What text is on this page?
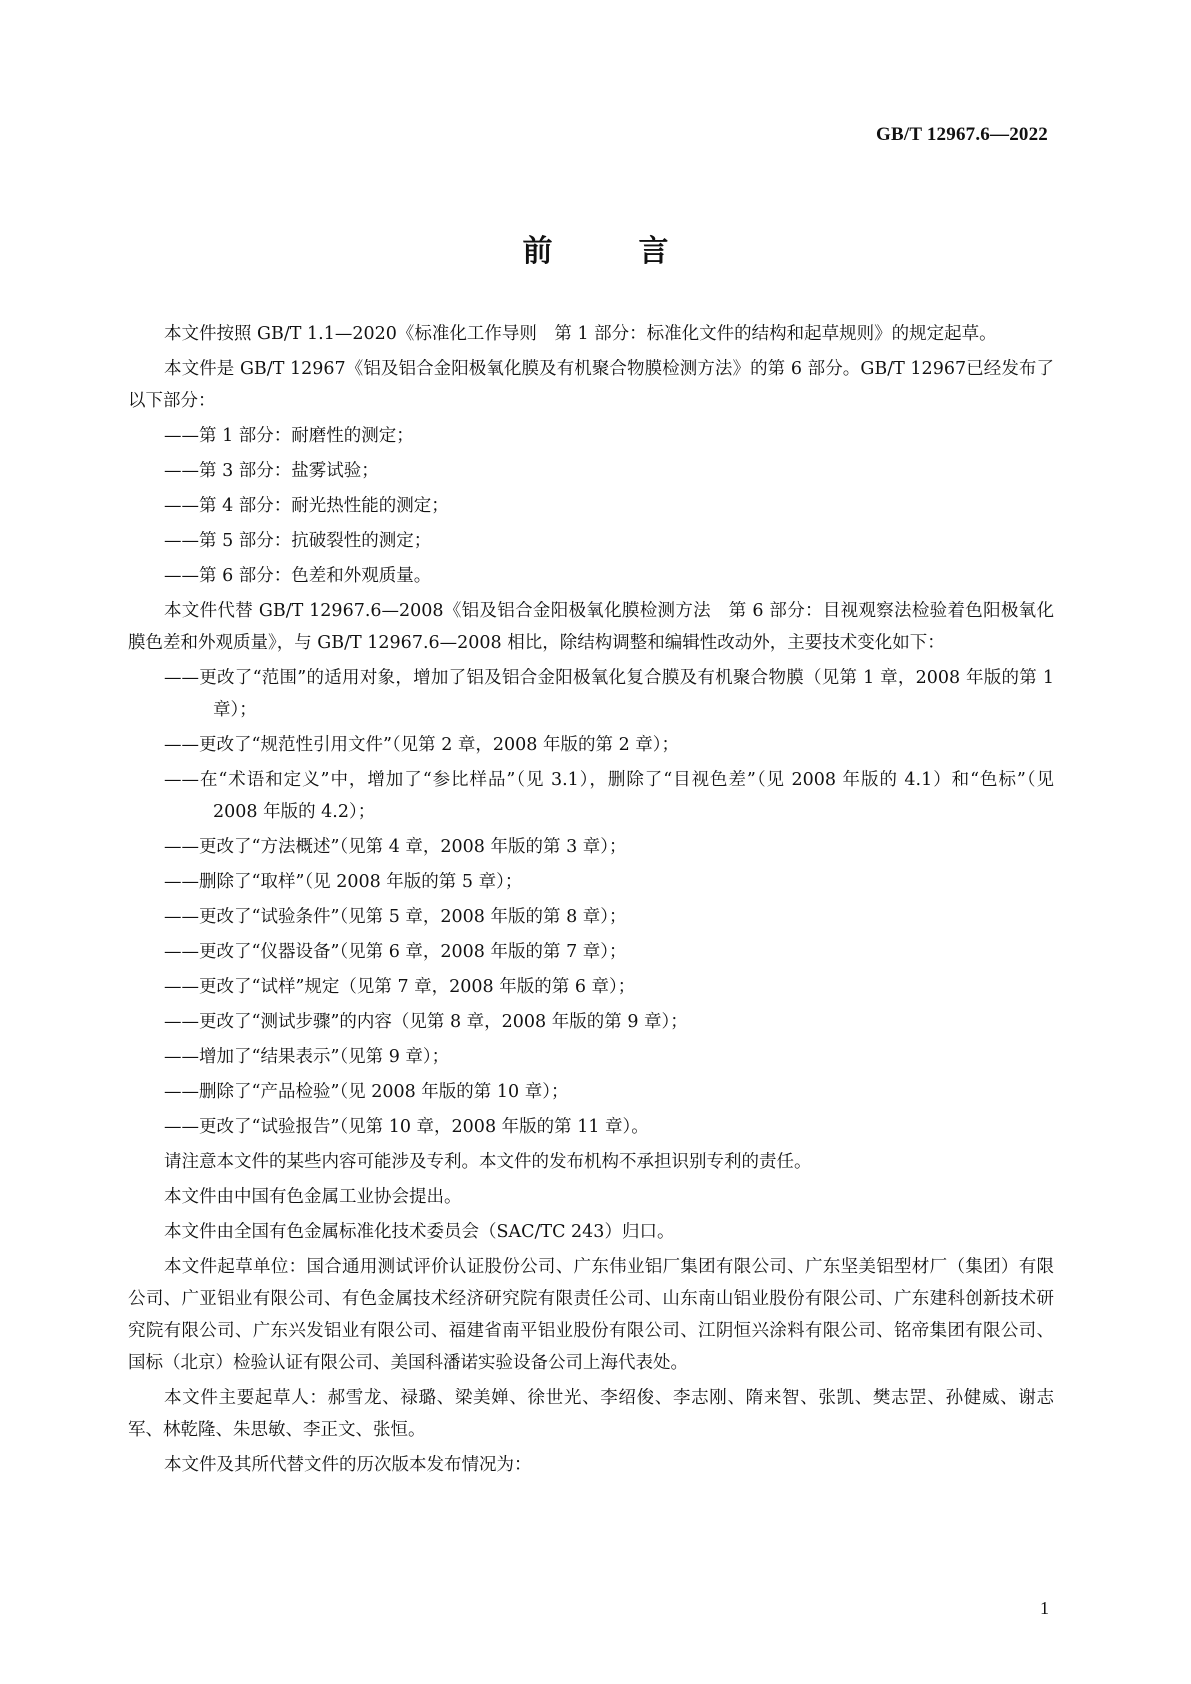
GB/T 12967.6—2022
前　言

本文件按照 GB/T 1.1—2020《标准化工作导则　第 1 部分：标准化文件的结构和起草规则》的规定起草。

本文件是 GB/T 12967《铝及铝合金阳极氧化膜及有机聚合物膜检测方法》的第 6 部分。GB/T 12967已经发布了以下部分：

——第 1 部分：耐磨性的测定；

——第 3 部分：盐雾试验；

——第 4 部分：耐光热性能的测定；

——第 5 部分：抗破裂性的测定；

——第 6 部分：色差和外观质量。

本文件代替 GB/T 12967.6—2008《铝及铝合金阳极氧化膜检测方法　第 6 部分：目视观察法检验着色阳极氧化膜色差和外观质量》，与 GB/T 12967.6—2008 相比，除结构调整和编辑性改动外，主要技术变化如下：

——更改了“范围”的适用对象，增加了铝及铝合金阳极氧化复合膜及有机聚合物膜（见第 1 章，2008 年版的第 1 章）；

——更改了“规范性引用文件”（见第 2 章，2008 年版的第 2 章）；

——在“术语和定义”中，增加了“参比样品”（见 3.1），删除了“目视色差”（见 2008 年版的 4.1）和“色标”（见 2008 年版的 4.2）；

——更改了“方法概述”（见第 4 章，2008 年版的第 3 章）；

——删除了“取样”（见 2008 年版的第 5 章）；

——更改了“试验条件”（见第 5 章，2008 年版的第 8 章）；

——更改了“仪器设备”（见第 6 章，2008 年版的第 7 章）；

——更改了“试样”规定（见第 7 章，2008 年版的第 6 章）；

——更改了“测试步骤”的内容（见第 8 章，2008 年版的第 9 章）；

——增加了“结果表示”（见第 9 章）；

——删除了“产品检验”（见 2008 年版的第 10 章）；

——更改了“试验报告”（见第 10 章，2008 年版的第 11 章）。

请注意本文件的某些内容可能涉及专利。本文件的发布机构不承担识别专利的责任。

本文件由中国有色金属工业协会提出。

本文件由全国有色金属标准化技术委员会（SAC/TC 243）归口。

本文件起草单位：国合通用测试评价认证股份公司、广东伟业铝厂集团有限公司、广东坚美铝型材厂（集团）有限公司、广亚铝业有限公司、有色金属技术经济研究院有限责任公司、山东南山铝业股份有限公司、广东建科创新技术研究院有限公司、广东兴发铝业有限公司、福建省南平铝业股份有限公司、江阴恒兴涂料有限公司、铭帝集团有限公司、国标（北京）检验认证有限公司、美国科潘诺实验设备公司上海代表处。

本文件主要起草人：郝雪龙、禄璐、梁美婵、徐世光、李绍俊、李志刚、隋来智、张凯、樊志罡、孙健威、谢志军、林乾隆、朱思敏、李正文、张恒。

本文件及其所代替文件的历次版本发布情况为：

1
